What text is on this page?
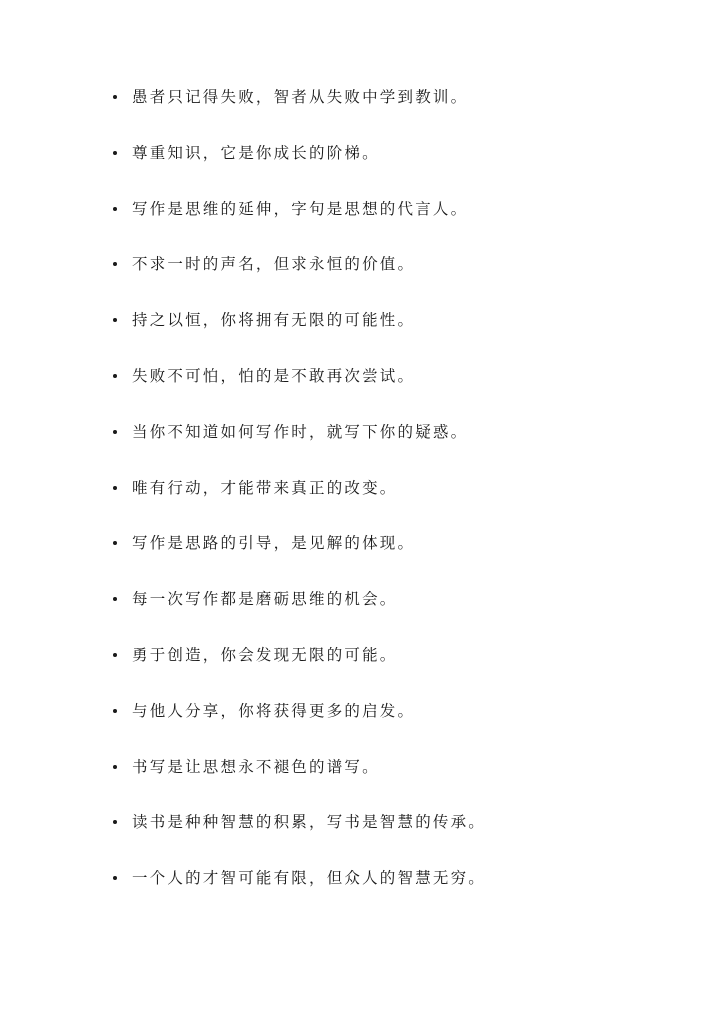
愚者只记得失败，智者从失败中学到教训。
尊重知识，它是你成长的阶梯。
写作是思维的延伸，字句是思想的代言人。
不求一时的声名，但求永恒的价值。
持之以恒，你将拥有无限的可能性。
失败不可怕，怕的是不敢再次尝试。
当你不知道如何写作时，就写下你的疑惑。
唯有行动，才能带来真正的改变。
写作是思路的引导，是见解的体现。
每一次写作都是磨砺思维的机会。
勇于创造，你会发现无限的可能。
与他人分享，你将获得更多的启发。
书写是让思想永不褪色的谱写。
读书是种种智慧的积累，写书是智慧的传承。
一个人的才智可能有限，但众人的智慧无穷。
